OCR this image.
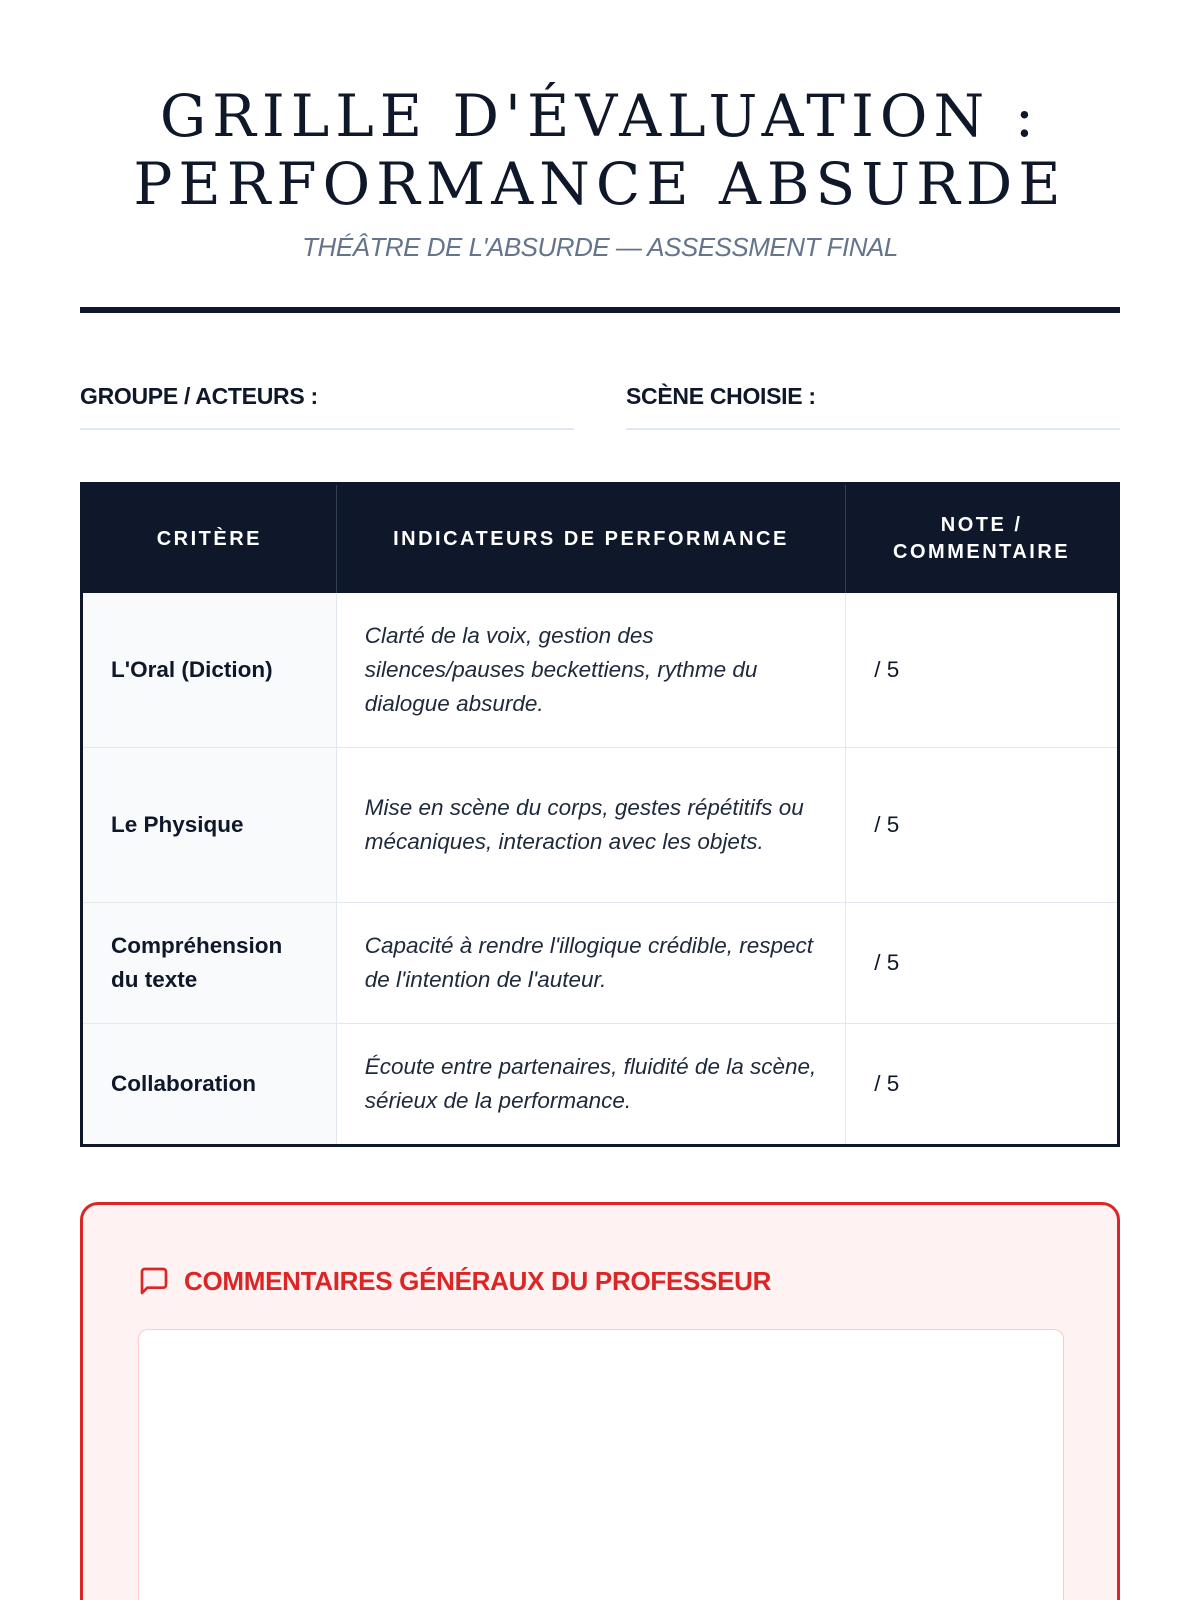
GRILLE D'ÉVALUATION :
PERFORMANCE ABSURDE
THÉÂTRE DE L'ABSURDE — ASSESSMENT FINAL
GROUPE / ACTEURS :	SCÈNE CHOISIE :
CRITÈRE	INDICATEURS DE PERFORMANCE	NOTE / COMMENTAIRE
L'Oral (Diction)	Clarté de la voix, gestion des silences/pauses beckettiens, rythme du dialogue absurde.	/ 5
Le Physique	Mise en scène du corps, gestes répétitifs ou mécaniques, interaction avec les objets.	/ 5
Compréhension du texte	Capacité à rendre l'illogique crédible, respect de l'intention de l'auteur.	/ 5
Collaboration	Écoute entre partenaires, fluidité de la scène, sérieux de la performance.	/ 5
COMMENTAIRES GÉNÉRAUX DU PROFESSEUR
